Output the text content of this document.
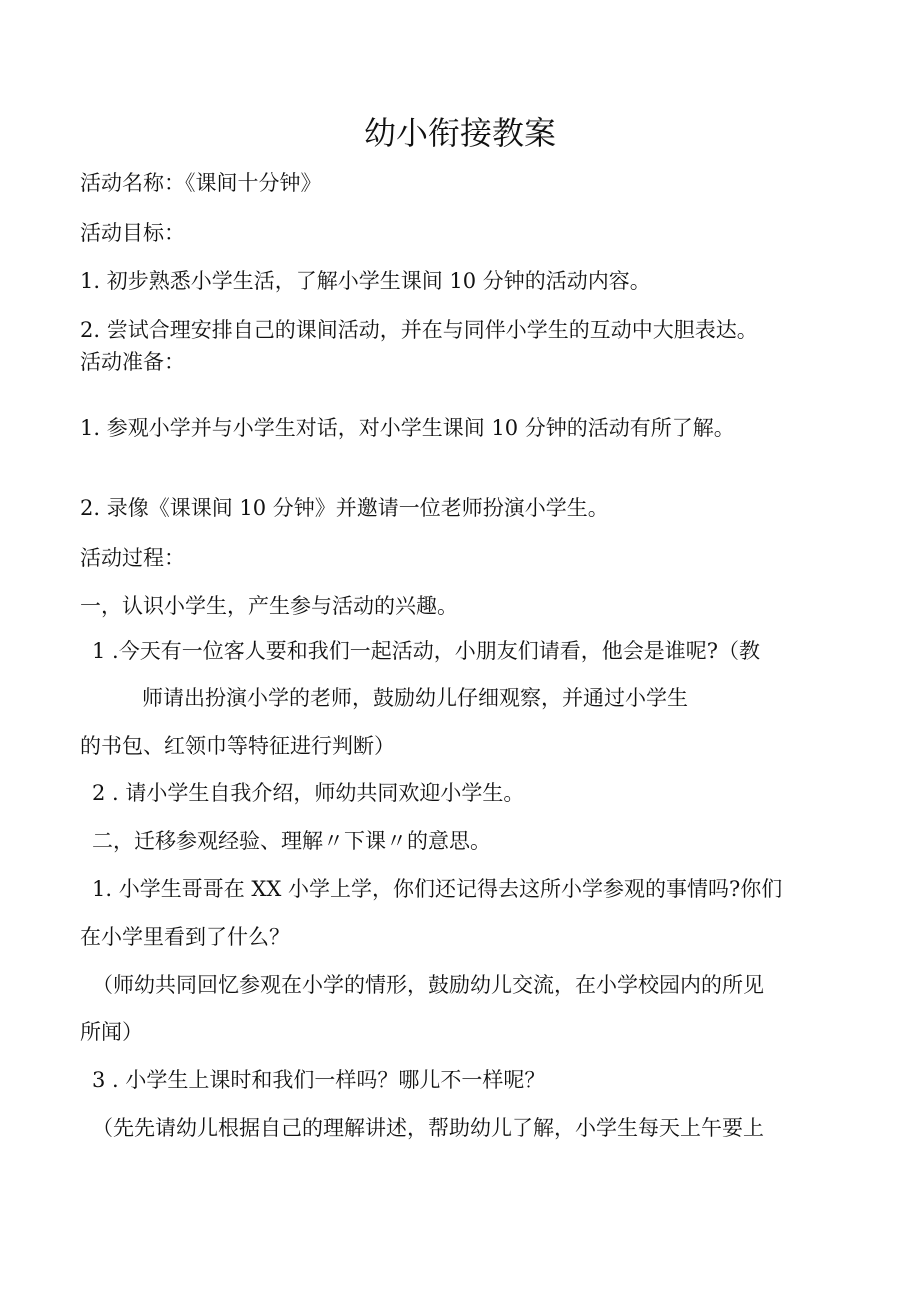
幼小衔接教案

活动名称：《课间十分钟》

活动目标：

1. 初步熟悉小学生活，了解小学生课间 10 分钟的活动内容。

2. 尝试合理安排自己的课间活动，并在与同伴小学生的互动中大胆表达。

活动准备：

1. 参观小学并与小学生对话，对小学生课间 10 分钟的活动有所了解。

2. 录像《课课间 10 分钟》并邀请一位老师扮演小学生。

活动过程：

一，认识小学生，产生参与活动的兴趣。

1 .今天有一位客人要和我们一起活动，小朋友们请看，他会是谁呢?（教

师请出扮演小学的老师，鼓励幼儿仔细观察，并通过小学生

的书包、红领巾等特征进行判断）

2 . 请小学生自我介绍，师幼共同欢迎小学生。

二，迁移参观经验、理解〃下课〃的意思。

1. 小学生哥哥在 XX 小学上学，你们还记得去这所小学参观的事情吗?你们

在小学里看到了什么？

（师幼共同回忆参观在小学的情形，鼓励幼儿交流，在小学校园内的所见

所闻）

3 . 小学生上课时和我们一样吗？哪儿不一样呢？

（先先请幼儿根据自己的理解讲述，帮助幼儿了解，小学生每天上午要上
